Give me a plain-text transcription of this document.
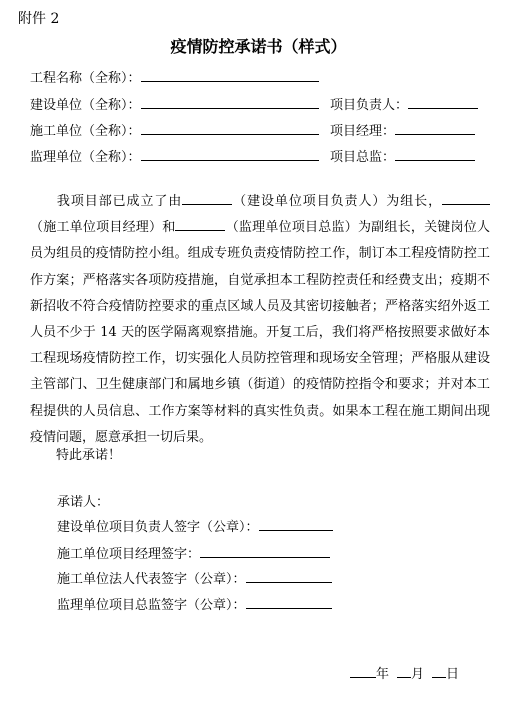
附件 2
疫情防控承诺书（样式）
工程名称（全称）：
建设单位（全称）：	项目负责人：
施工单位（全称）：	项目经理：
监理单位（全称）：	项目总监：
我项目部已成立了由	（建设单位项目负责人）为组长，（施工单位项目经理）和	（监理单位项目总监）为副组长，关键岗位人员为组员的疫情防控小组。组成专班负责疫情防控工作，制订本工程疫情防控工作方案；严格落实各项防疫措施，自觉承担本工程防控责任和经费支出；疫期不新招收不符合疫情防控要求的重点区域人员及其密切接触者；严格落实绍外返工人员不少于 14 天的医学隔离观察措施。开复工后，我们将严格按照要求做好本工程现场疫情防控工作，切实强化人员防控管理和现场安全管理；严格服从建设主管部门、卫生健康部门和属地乡镇（街道）的疫情防控指令和要求；并对本工程提供的人员信息、工作方案等材料的真实性负责。如果本工程在施工期间出现疫情问题，愿意承担一切后果。
特此承诺！
承诺人：
建设单位项目负责人签字（公章）：
施工单位项目经理签字：
施工单位法人代表签字（公章）：
监理单位项目总监签字（公章）：
年 月 日
